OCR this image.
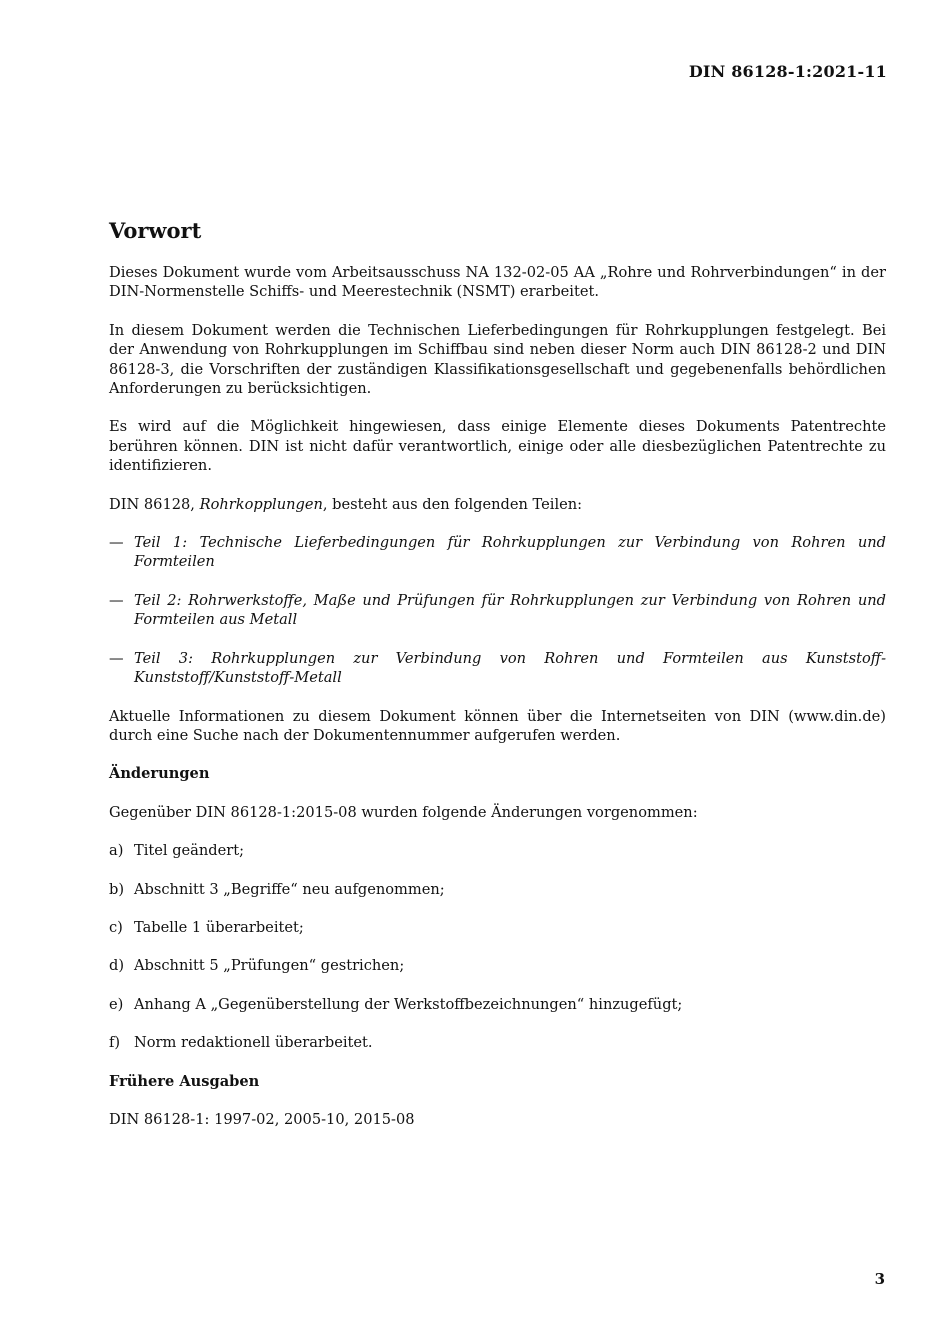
DIN 86128-1:2021-11
Vorwort

Dieses Dokument wurde vom Arbeitsausschuss NA 132-02-05 AA „Rohre und Rohrverbindungen“ in der DIN-Normenstelle Schiffs- und Meerestechnik (NSMT) erarbeitet.

In diesem Dokument werden die Technischen Lieferbedingungen für Rohrkupplungen festgelegt. Bei der Anwendung von Rohrkupplungen im Schiffbau sind neben dieser Norm auch DIN 86128-2 und DIN 86128-3, die Vorschriften der zuständigen Klassifikationsgesellschaft und gegebenenfalls behördlichen Anforderungen zu berücksichtigen.

Es wird auf die Möglichkeit hingewiesen, dass einige Elemente dieses Dokuments Patentrechte berühren können. DIN ist nicht dafür verantwortlich, einige oder alle diesbezüglichen Patentrechte zu identifizieren.

DIN 86128, Rohrkopplungen, besteht aus den folgenden Teilen:

— Teil 1: Technische Lieferbedingungen für Rohrkupplungen zur Verbindung von Rohren und Formteilen
— Teil 2: Rohrwerkstoffe, Maße und Prüfungen für Rohrkupplungen zur Verbindung von Rohren und Formteilen aus Metall
— Teil 3: Rohrkupplungen zur Verbindung von Rohren und Formteilen aus Kunststoff-Kunststoff/Kunststoff-Metall

Aktuelle Informationen zu diesem Dokument können über die Internetseiten von DIN (www.din.de) durch eine Suche nach der Dokumentennummer aufgerufen werden.

Änderungen

Gegenüber DIN 86128-1:2015-08 wurden folgende Änderungen vorgenommen:

a) Titel geändert;
b) Abschnitt 3 „Begriffe“ neu aufgenommen;
c) Tabelle 1 überarbeitet;
d) Abschnitt 5 „Prüfungen“ gestrichen;
e) Anhang A „Gegenüberstellung der Werkstoffbezeichnungen“ hinzugefügt;
f) Norm redaktionell überarbeitet.
Frühere Ausgaben

DIN 86128-1: 1997-02, 2005-10, 2015-08

3
